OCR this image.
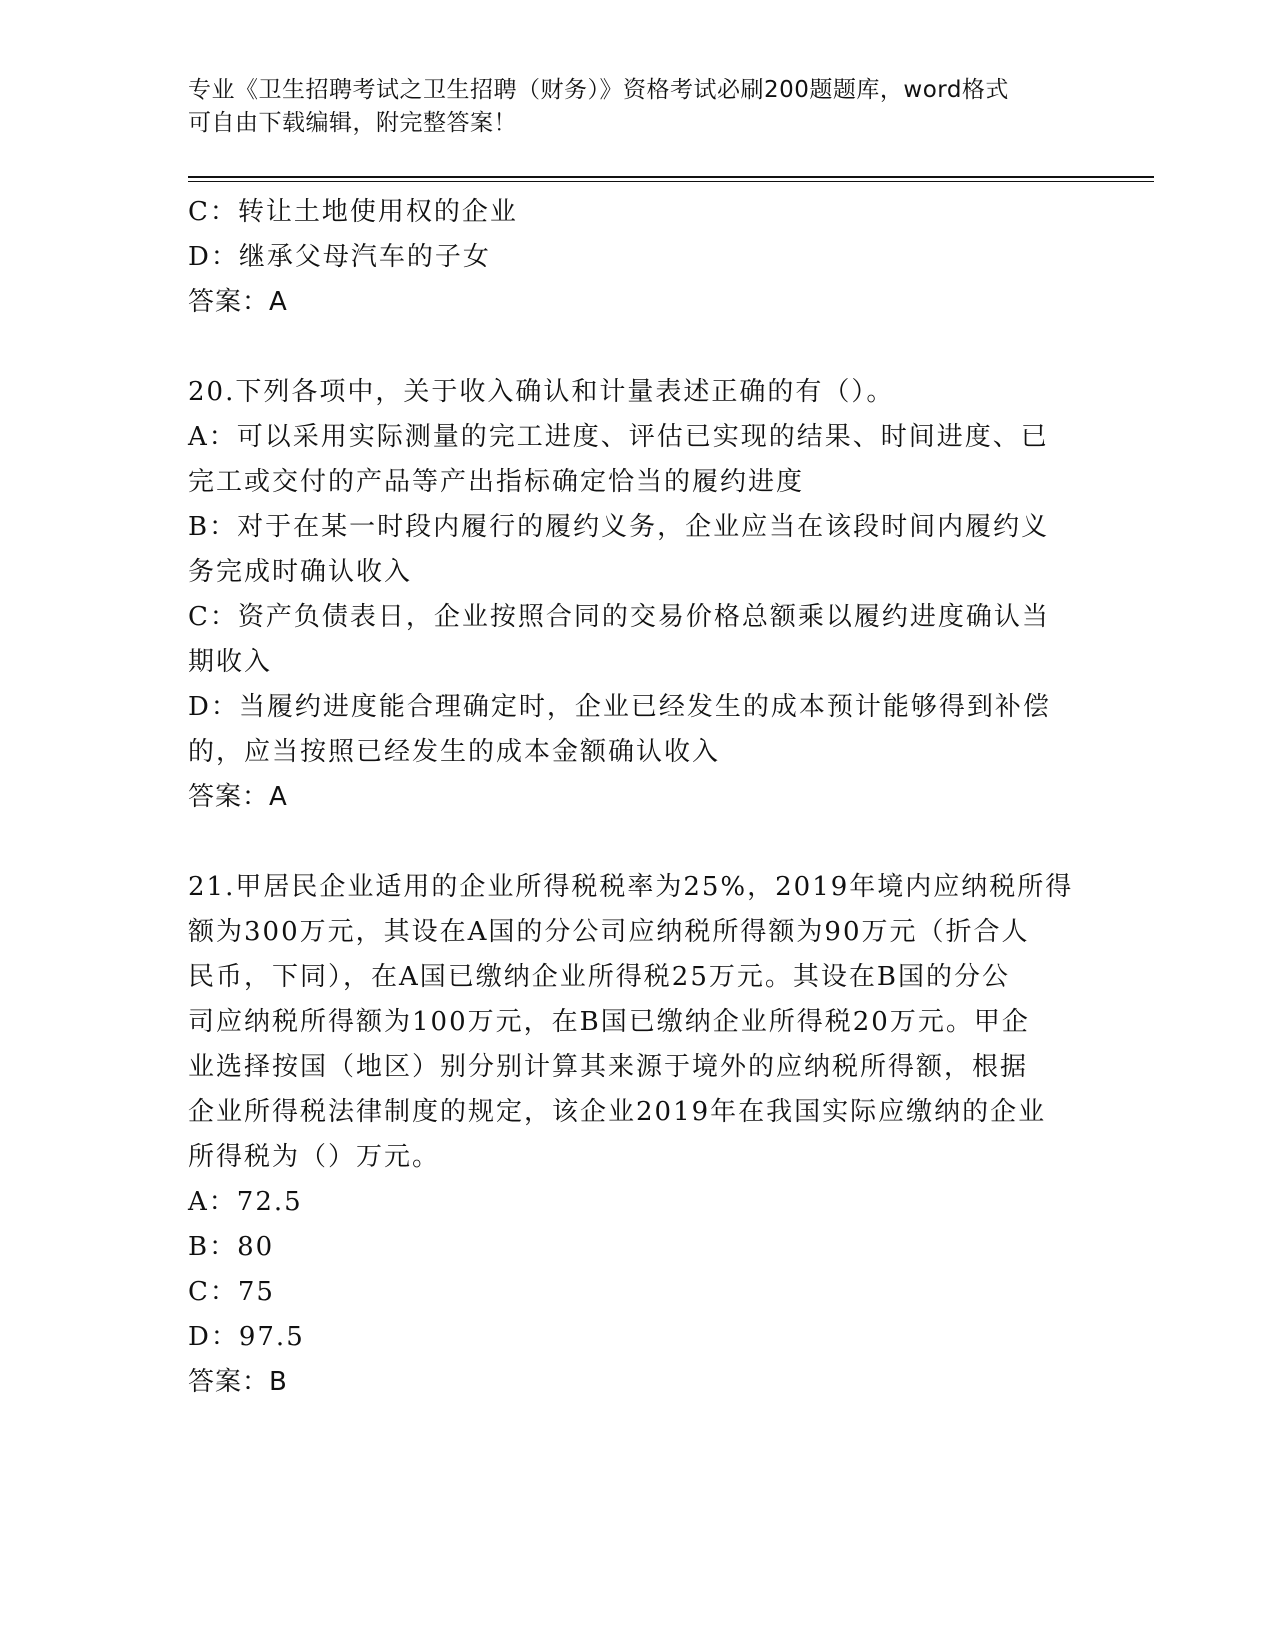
专业《卫生招聘考试之卫生招聘（财务）》资格考试必刷200题题库，word格式
可自由下载编辑，附完整答案！
C：转让土地使用权的企业
D：继承父母汽车的子女
答案：A
20.下列各项中，关于收入确认和计量表述正确的有（）。
A：可以采用实际测量的完工进度、评估已实现的结果、时间进度、已
完工或交付的产品等产出指标确定恰当的履约进度
B：对于在某一时段内履行的履约义务，企业应当在该段时间内履约义
务完成时确认收入
C：资产负债表日，企业按照合同的交易价格总额乘以履约进度确认当
期收入
D：当履约进度能合理确定时，企业已经发生的成本预计能够得到补偿
的，应当按照已经发生的成本金额确认收入
答案：A
21.甲居民企业适用的企业所得税税率为25%，2019年境内应纳税所得
额为300万元，其设在A国的分公司应纳税所得额为90万元（折合人
民币，下同），在A国已缴纳企业所得税25万元。其设在B国的分公
司应纳税所得额为100万元，在B国已缴纳企业所得税20万元。甲企
业选择按国（地区）别分别计算其来源于境外的应纳税所得额，根据
企业所得税法律制度的规定，该企业2019年在我国实际应缴纳的企业
所得税为（）万元。
A：72.5
B：80
C：75
D：97.5
答案：B
